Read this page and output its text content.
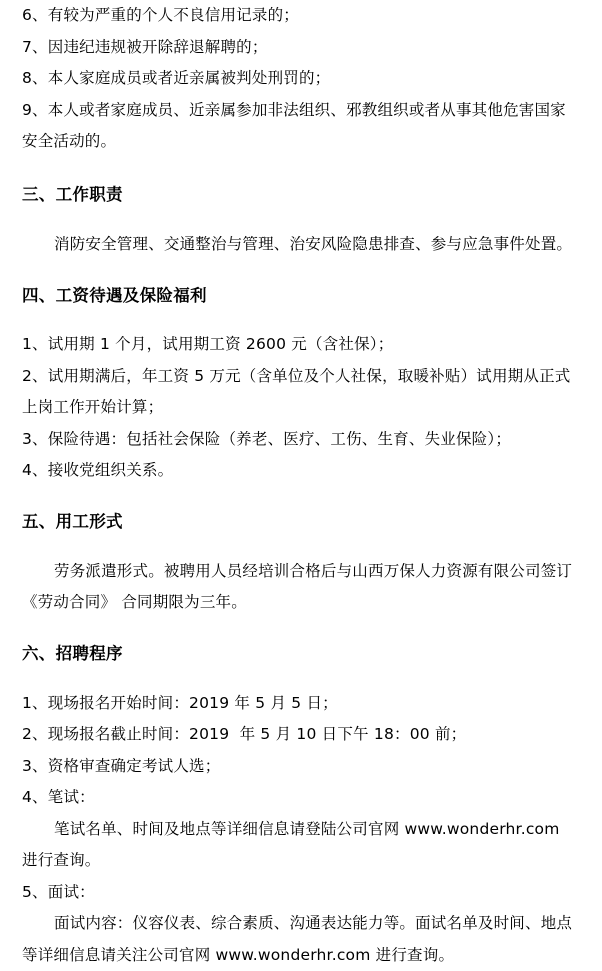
6、有较为严重的个人不良信用记录的；

7、因违纪违规被开除辞退解聘的；

8、本人家庭成员或者近亲属被判处刑罚的；

9、本人或者家庭成员、近亲属参加非法组织、邪教组织或者从事其他危害国家安全活动的。

三、工作职责

消防安全管理、交通整治与管理、治安风险隐患排查、参与应急事件处置。

四、工资待遇及保险福利

1、试用期 1 个月，试用期工资 2600 元（含社保）；

2、试用期满后，年工资 5 万元（含单位及个人社保，取暖补贴）试用期从正式上岗工作开始计算；

3、保险待遇：包括社会保险（养老、医疗、工伤、生育、失业保险）；

4、接收党组织关系。

五、用工形式

劳务派遣形式。被聘用人员经培训合格后与山西万保人力资源有限公司签订《劳动合同》 合同期限为三年。

六、招聘程序

1、现场报名开始时间：2019 年 5 月 5 日；

2、现场报名截止时间：2019  年 5 月 10 日下午 18：00 前；

3、资格审查确定考试人选；

4、笔试：

笔试名单、时间及地点等详细信息请登陆公司官网 www.wonderhr.com 进行查询。

5、面试：

面试内容：仪容仪表、综合素质、沟通表达能力等。面试名单及时间、地点等详细信息请关注公司官网 www.wonderhr.com 进行查询。
